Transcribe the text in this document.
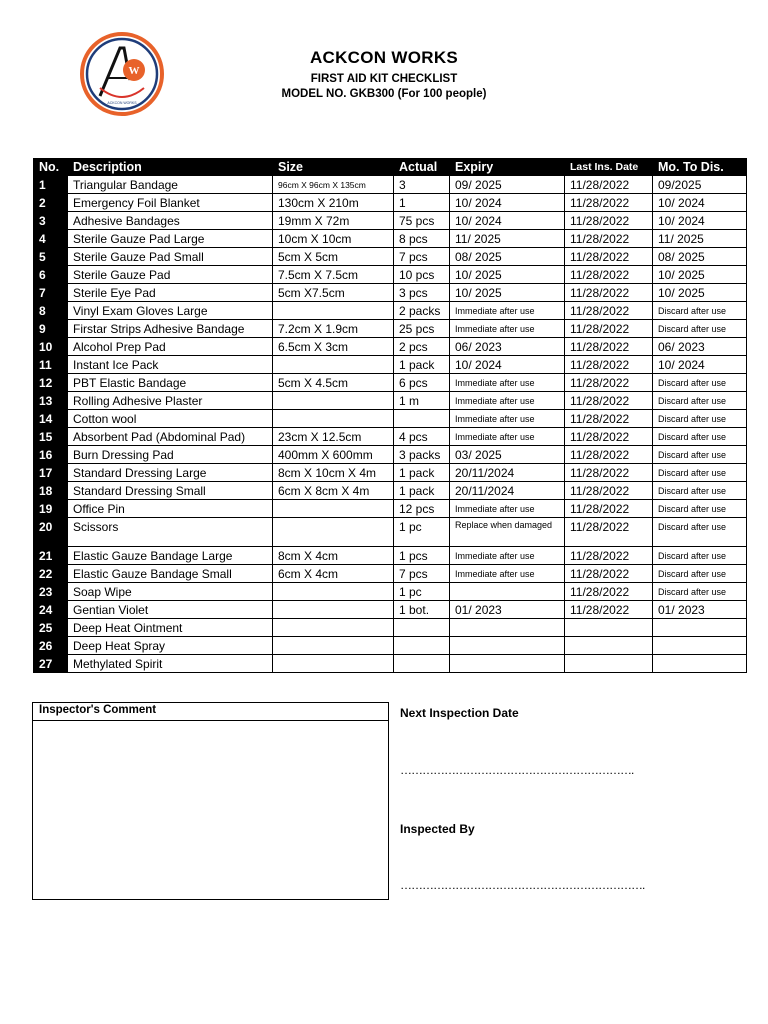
W
ACKCON WORKS
ACKCON WORKS
FIRST AID KIT CHECKLIST
MODEL NO. GKB300 (For 100 people)
No.	Description	Size	Actual	Expiry	Last Ins. Date	Mo. To Dis.
1	Triangular Bandage	96cm X 96cm X 135cm	3	09/ 2025	11/28/2022	09/2025
2	Emergency Foil Blanket	130cm X 210m	1	10/ 2024	11/28/2022	10/ 2024
3	Adhesive Bandages	19mm X 72m	75 pcs	10/ 2024	11/28/2022	10/ 2024
4	Sterile Gauze Pad Large	10cm X 10cm	8 pcs	11/ 2025	11/28/2022	11/ 2025
5	Sterile Gauze Pad Small	5cm X 5cm	7 pcs	08/ 2025	11/28/2022	08/ 2025
6	Sterile Gauze Pad	7.5cm X 7.5cm	10 pcs	10/ 2025	11/28/2022	10/ 2025
7	Sterile Eye Pad	5cm X7.5cm	3 pcs	10/ 2025	11/28/2022	10/ 2025
8	Vinyl Exam Gloves Large		2 packs	Immediate after use	11/28/2022	Discard after use
9	Firstar Strips Adhesive Bandage	7.2cm X 1.9cm	25 pcs	Immediate after use	11/28/2022	Discard after use
10	Alcohol Prep Pad	6.5cm X 3cm	2 pcs	06/ 2023	11/28/2022	06/ 2023
11	Instant Ice Pack		1 pack	10/ 2024	11/28/2022	10/ 2024
12	PBT Elastic Bandage	5cm X 4.5cm	6 pcs	Immediate after use	11/28/2022	Discard after use
13	Rolling Adhesive Plaster		1 m	Immediate after use	11/28/2022	Discard after use
14	Cotton wool			Immediate after use	11/28/2022	Discard after use
15	Absorbent Pad (Abdominal Pad)	23cm X 12.5cm	4 pcs	Immediate after use	11/28/2022	Discard after use
16	Burn Dressing Pad	400mm X 600mm	3 packs	03/ 2025	11/28/2022	Discard after use
17	Standard Dressing Large	8cm X 10cm X 4m	1 pack	20/11/2024	11/28/2022	Discard after use
18	Standard Dressing Small	6cm X 8cm X 4m	1 pack	20/11/2024	11/28/2022	Discard after use
19	Office Pin		12 pcs	Immediate after use	11/28/2022	Discard after use
20	Scissors		1 pc	Replace when damaged	11/28/2022	Discard after use
21	Elastic Gauze Bandage Large	8cm X 4cm	1 pcs	Immediate after use	11/28/2022	Discard after use
22	Elastic Gauze Bandage Small	6cm X 4cm	7 pcs	Immediate after use	11/28/2022	Discard after use
23	Soap Wipe		1 pc		11/28/2022	Discard after use
24	Gentian Violet		1 bot.	01/ 2023	11/28/2022	01/ 2023
25	Deep Heat Ointment					
26	Deep Heat Spray					
27	Methylated Spirit					
Inspector's Comment	Next Inspection Date
……………………………………………………….
Inspected By
………………………………………………………….
